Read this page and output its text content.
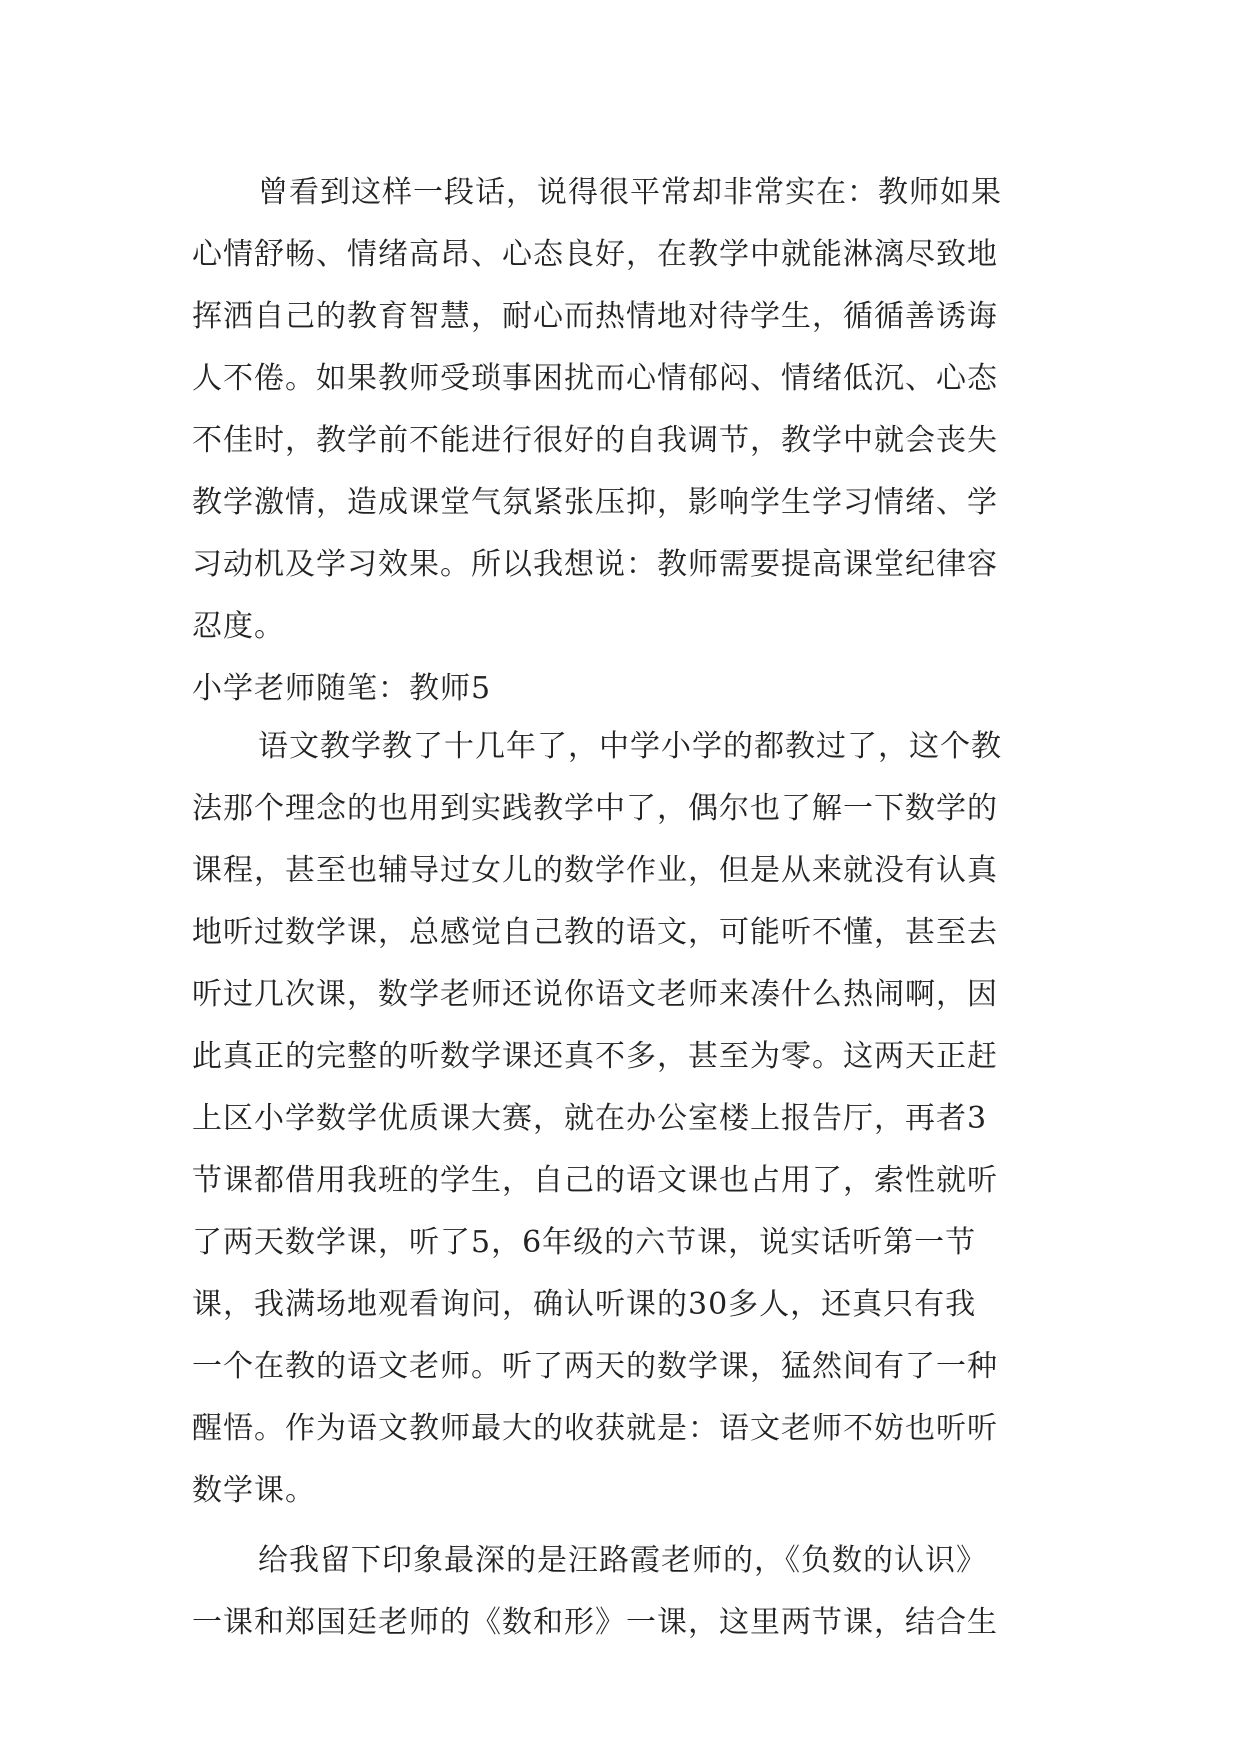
曾看到这样一段话，说得很平常却非常实在：教师如果
心情舒畅、情绪高昂、心态良好，在教学中就能淋漓尽致地
挥洒自己的教育智慧，耐心而热情地对待学生，循循善诱诲
人不倦。如果教师受琐事困扰而心情郁闷、情绪低沉、心态
不佳时，教学前不能进行很好的自我调节，教学中就会丧失
教学激情，造成课堂气氛紧张压抑，影响学生学习情绪、学
习动机及学习效果。所以我想说：教师需要提高课堂纪律容
忍度。
小学老师随笔：教师5
语文教学教了十几年了，中学小学的都教过了，这个教
法那个理念的也用到实践教学中了，偶尔也了解一下数学的
课程，甚至也辅导过女儿的数学作业，但是从来就没有认真
地听过数学课，总感觉自己教的语文，可能听不懂，甚至去
听过几次课，数学老师还说你语文老师来凑什么热闹啊，因
此真正的完整的听数学课还真不多，甚至为零。这两天正赶
上区小学数学优质课大赛，就在办公室楼上报告厅，再者3
节课都借用我班的学生，自己的语文课也占用了，索性就听
了两天数学课，听了5，6年级的六节课，说实话听第一节
课，我满场地观看询问，确认听课的30多人，还真只有我
一个在教的语文老师。听了两天的数学课，猛然间有了一种
醒悟。作为语文教师最大的收获就是：语文老师不妨也听听
数学课。
给我留下印象最深的是汪路霞老师的，《负数的认识》
一课和郑国廷老师的《数和形》一课，这里两节课，结合生
